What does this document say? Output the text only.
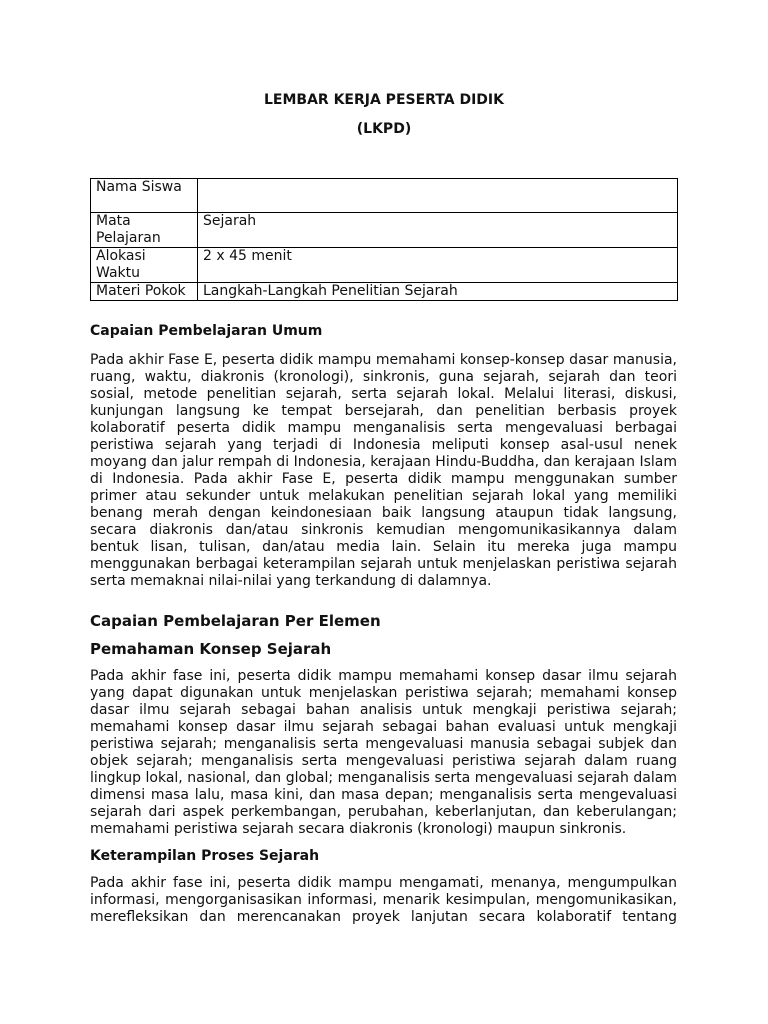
LEMBAR KERJA PESERTA DIDIK
(LKPD)
Nama Siswa	
Mata Pelajaran	Sejarah
Alokasi Waktu	2 x 45 menit
Materi Pokok	Langkah-Langkah Penelitian Sejarah
Capaian Pembelajaran Umum
Pada akhir Fase E, peserta didik mampu memahami konsep-konsep dasar manusia, ruang, waktu, diakronis (kronologi), sinkronis, guna sejarah, sejarah dan teori sosial, metode penelitian sejarah, serta sejarah lokal. Melalui literasi, diskusi, kunjungan langsung ke tempat bersejarah, dan penelitian berbasis proyek kolaboratif peserta didik mampu menganalisis serta mengevaluasi berbagai peristiwa sejarah yang terjadi di Indonesia meliputi konsep asal-usul nenek moyang dan jalur rempah di Indonesia, kerajaan Hindu-Buddha, dan kerajaan Islam di Indonesia. Pada akhir Fase E, peserta didik mampu menggunakan sumber primer atau sekunder untuk melakukan penelitian sejarah lokal yang memiliki benang merah dengan keindonesiaan baik langsung ataupun tidak langsung, secara diakronis dan/atau sinkronis kemudian mengomunikasikannya dalam bentuk lisan, tulisan, dan/atau media lain. Selain itu mereka juga mampu menggunakan berbagai keterampilan sejarah untuk menjelaskan peristiwa sejarah serta memaknai nilai-nilai yang terkandung di dalamnya.
Capaian Pembelajaran Per Elemen
Pemahaman Konsep Sejarah
Pada akhir fase ini, peserta didik mampu memahami konsep dasar ilmu sejarah yang dapat digunakan untuk menjelaskan peristiwa sejarah; memahami konsep dasar ilmu sejarah sebagai bahan analisis untuk mengkaji peristiwa sejarah; memahami konsep dasar ilmu sejarah sebagai bahan evaluasi untuk mengkaji peristiwa sejarah; menganalisis serta mengevaluasi manusia sebagai subjek dan objek sejarah; menganalisis serta mengevaluasi peristiwa sejarah dalam ruang lingkup lokal, nasional, dan global; menganalisis serta mengevaluasi sejarah dalam dimensi masa lalu, masa kini, dan masa depan; menganalisis serta mengevaluasi sejarah dari aspek perkembangan, perubahan, keberlanjutan, dan keberulangan; memahami peristiwa sejarah secara diakronis (kronologi) maupun sinkronis.
Keterampilan Proses Sejarah
Pada akhir fase ini, peserta didik mampu mengamati, menanya, mengumpulkan informasi, mengorganisasikan informasi, menarik kesimpulan, mengomunikasikan, merefleksikan dan merencanakan proyek lanjutan secara kolaboratif tentang
